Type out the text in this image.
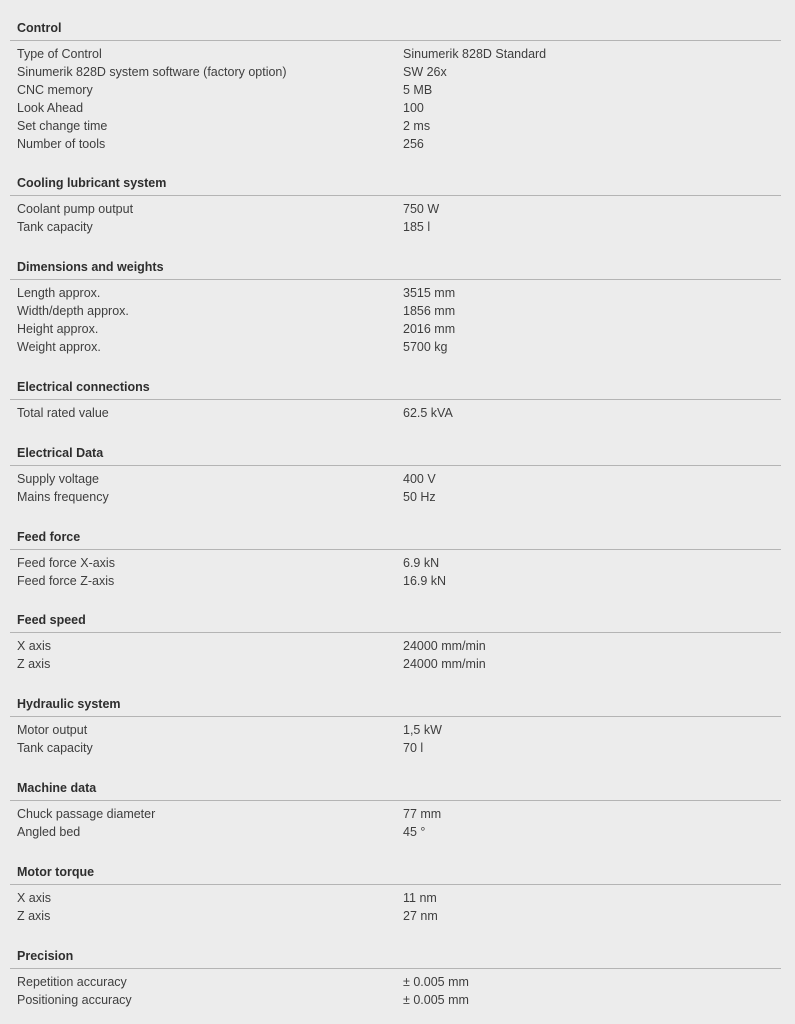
Control
Type of Control	Sinumerik 828D Standard
Sinumerik 828D system software (factory option)	SW 26x
CNC memory	5 MB
Look Ahead	100
Set change time	2 ms
Number of tools	256
Cooling lubricant system
Coolant pump output	750 W
Tank capacity	185 l
Dimensions and weights
Length approx.	3515 mm
Width/depth approx.	1856 mm
Height approx.	2016 mm
Weight approx.	5700 kg
Electrical connections
Total rated value	62.5 kVA
Electrical Data
Supply voltage	400 V
Mains frequency	50 Hz
Feed force
Feed force X-axis	6.9 kN
Feed force Z-axis	16.9 kN
Feed speed
X axis	24000 mm/min
Z axis	24000 mm/min
Hydraulic system
Motor output	1,5 kW
Tank capacity	70 l
Machine data
Chuck passage diameter	77 mm
Angled bed	45 °
Motor torque
X axis	11 nm
Z axis	27 nm
Precision
Repetition accuracy	± 0.005 mm
Positioning accuracy	± 0.005 mm
